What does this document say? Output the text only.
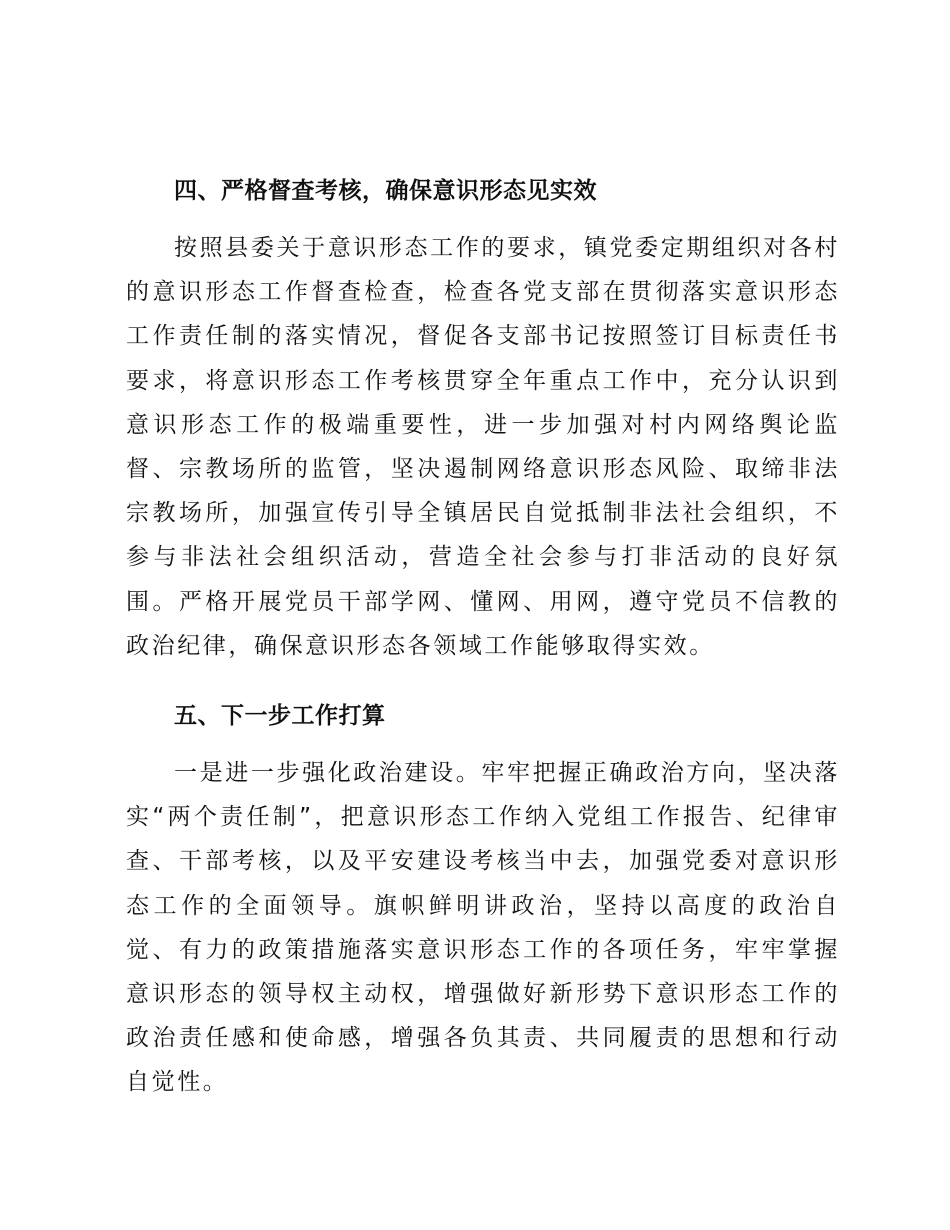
四、严格督查考核，确保意识形态见实效

按照县委关于意识形态工作的要求，镇党委定期组织对各村的意识形态工作督查检查，检查各党支部在贯彻落实意识形态工作责任制的落实情况，督促各支部书记按照签订目标责任书要求，将意识形态工作考核贯穿全年重点工作中，充分认识到意识形态工作的极端重要性，进一步加强对村内网络舆论监督、宗教场所的监管，坚决遏制网络意识形态风险、取缔非法宗教场所，加强宣传引导全镇居民自觉抵制非法社会组织，不参与非法社会组织活动，营造全社会参与打非活动的良好氛围。严格开展党员干部学网、懂网、用网，遵守党员不信教的政治纪律，确保意识形态各领域工作能够取得实效。

五、下一步工作打算

一是进一步强化政治建设。牢牢把握正确政治方向，坚决落实“两个责任制”，把意识形态工作纳入党组工作报告、纪律审查、干部考核，以及平安建设考核当中去，加强党委对意识形态工作的全面领导。旗帜鲜明讲政治，坚持以高度的政治自觉、有力的政策措施落实意识形态工作的各项任务，牢牢掌握意识形态的领导权主动权，增强做好新形势下意识形态工作的政治责任感和使命感，增强各负其责、共同履责的思想和行动自觉性。
